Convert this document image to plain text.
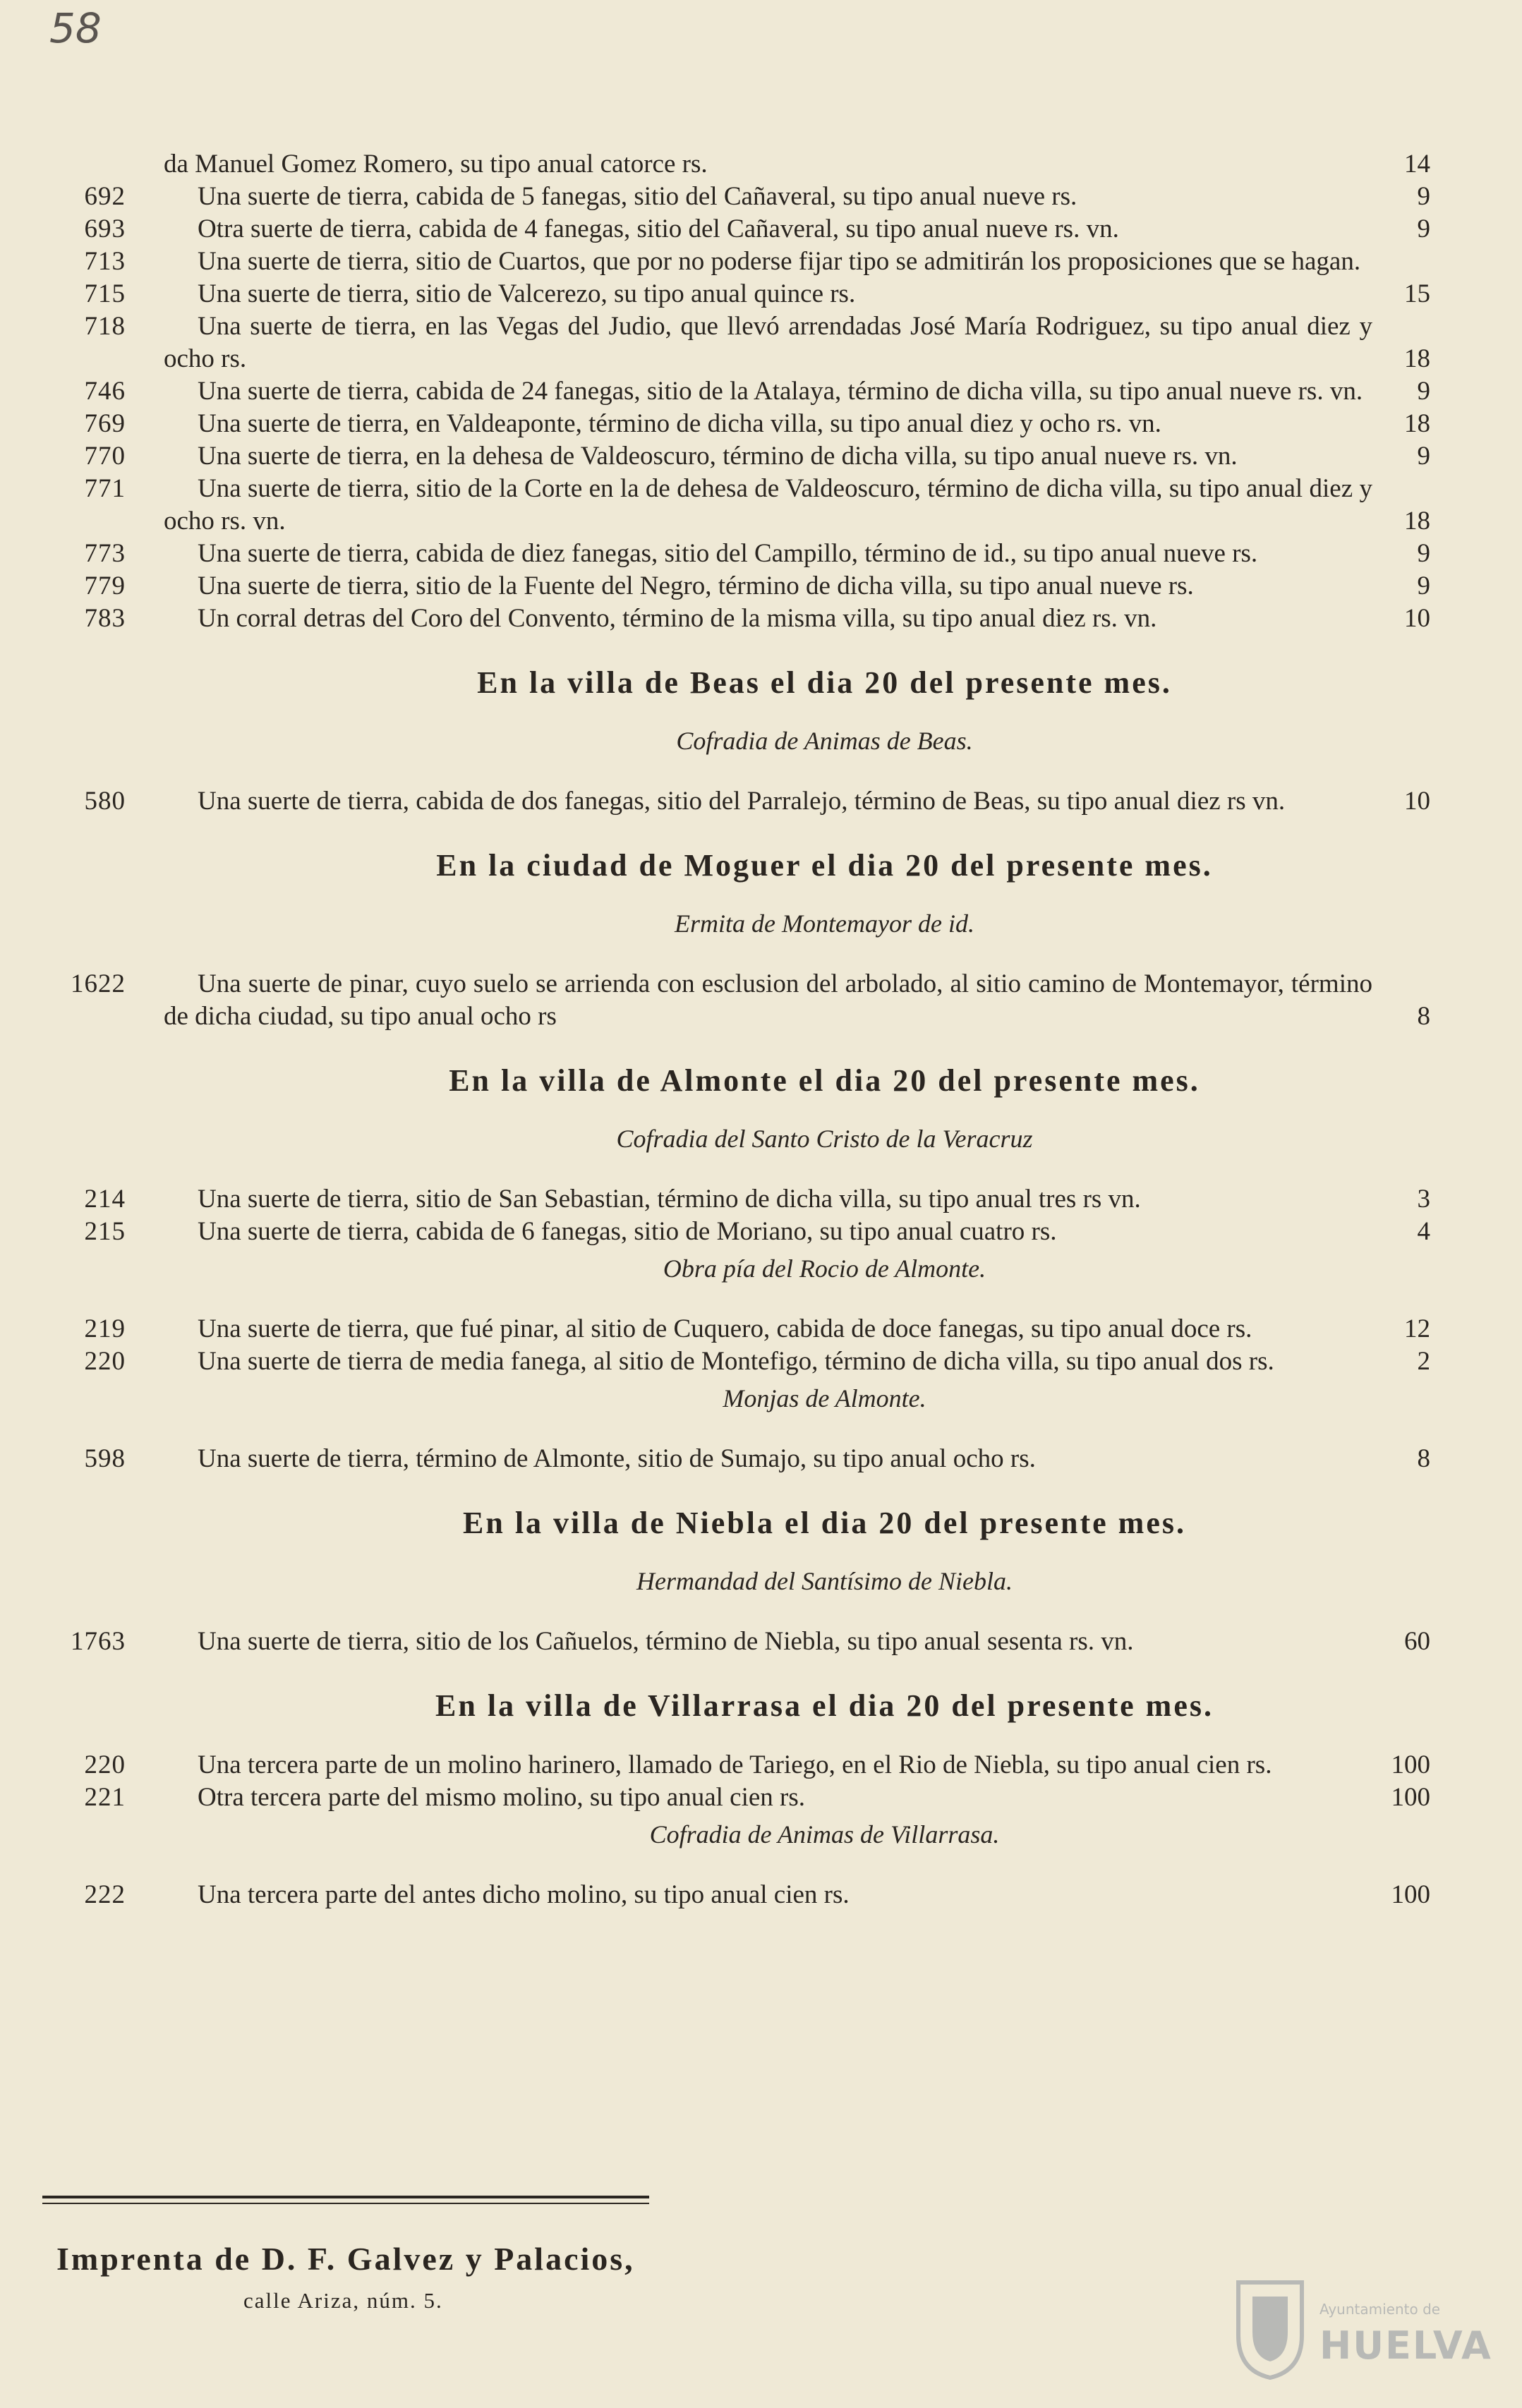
58
da Manuel Gomez Romero, su tipo anual catorce rs.	14
692	Una suerte de tierra, cabida de 5 fanegas, sitio del Cañaveral, su tipo anual nueve rs.	9
693	Otra suerte de tierra, cabida de 4 fanegas, sitio del Cañaveral, su tipo anual nueve rs. vn.	9
713	Una suerte de tierra, sitio de Cuartos, que por no poderse fijar tipo se admitirán los proposiciones que se hagan.
715	Una suerte de tierra, sitio de Valcerezo, su tipo anual quince rs.	15
718	Una suerte de tierra, en las Vegas del Judio, que llevó arrendadas José María Rodriguez, su tipo anual diez y ocho rs.	18
746	Una suerte de tierra, cabida de 24 fanegas, sitio de la Atalaya, término de dicha villa, su tipo anual nueve rs. vn.	9
769	Una suerte de tierra, en Valdeaponte, término de dicha villa, su tipo anual diez y ocho rs. vn.	18
770	Una suerte de tierra, en la dehesa de Valdeoscuro, término de dicha villa, su tipo anual nueve rs. vn.	9
771	Una suerte de tierra, sitio de la Corte en la de dehesa de Valdeoscuro, término de dicha villa, su tipo anual diez y ocho rs. vn.	18
773	Una suerte de tierra, cabida de diez fanegas, sitio del Campillo, término de id., su tipo anual nueve rs.	9
779	Una suerte de tierra, sitio de la Fuente del Negro, término de dicha villa, su tipo anual nueve rs.	9
783	Un corral detras del Coro del Convento, término de la misma villa, su tipo anual diez rs. vn.	10
En la villa de Beas el dia 20 del presente mes.
Cofradia de Animas de Beas.
580	Una suerte de tierra, cabida de dos fanegas, sitio del Parralejo, término de Beas, su tipo anual diez rs vn.	10
En la ciudad de Moguer el dia 20 del presente mes.
Ermita de Montemayor de id.
1622	Una suerte de pinar, cuyo suelo se arrienda con esclusion del arbolado, al sitio camino de Montemayor, término de dicha ciudad, su tipo anual ocho rs	8
En la villa de Almonte el dia 20 del presente mes.
Cofradia del Santo Cristo de la Veracruz
214	Una suerte de tierra, sitio de San Sebastian, término de dicha villa, su tipo anual tres rs vn.	3
215	Una suerte de tierra, cabida de 6 fanegas, sitio de Moriano, su tipo anual cuatro rs.	4
Obra pía del Rocio de Almonte.
219	Una suerte de tierra, que fué pinar, al sitio de Cuquero, cabida de doce fanegas, su tipo anual doce rs.	12
220	Una suerte de tierra de media fanega, al sitio de Montefigo, término de dicha villa, su tipo anual dos rs.	2
Monjas de Almonte.
598	Una suerte de tierra, término de Almonte, sitio de Sumajo, su tipo anual ocho rs.	8
En la villa de Niebla el dia 20 del presente mes.
Hermandad del Santísimo de Niebla.
1763	Una suerte de tierra, sitio de los Cañuelos, término de Niebla, su tipo anual sesenta rs. vn.	60
En la villa de Villarrasa el dia 20 del presente mes.
220	Una tercera parte de un molino harinero, llamado de Tariego, en el Rio de Niebla, su tipo anual cien rs.	100
221	Otra tercera parte del mismo molino, su tipo anual cien rs.	100
Cofradia de Animas de Villarrasa.
222	Una tercera parte del antes dicho molino, su tipo anual cien rs.	100
Imprenta de D. F. Galvez y Palacios,
calle Ariza, núm. 5.	Ayuntamiento de
HUELVA
